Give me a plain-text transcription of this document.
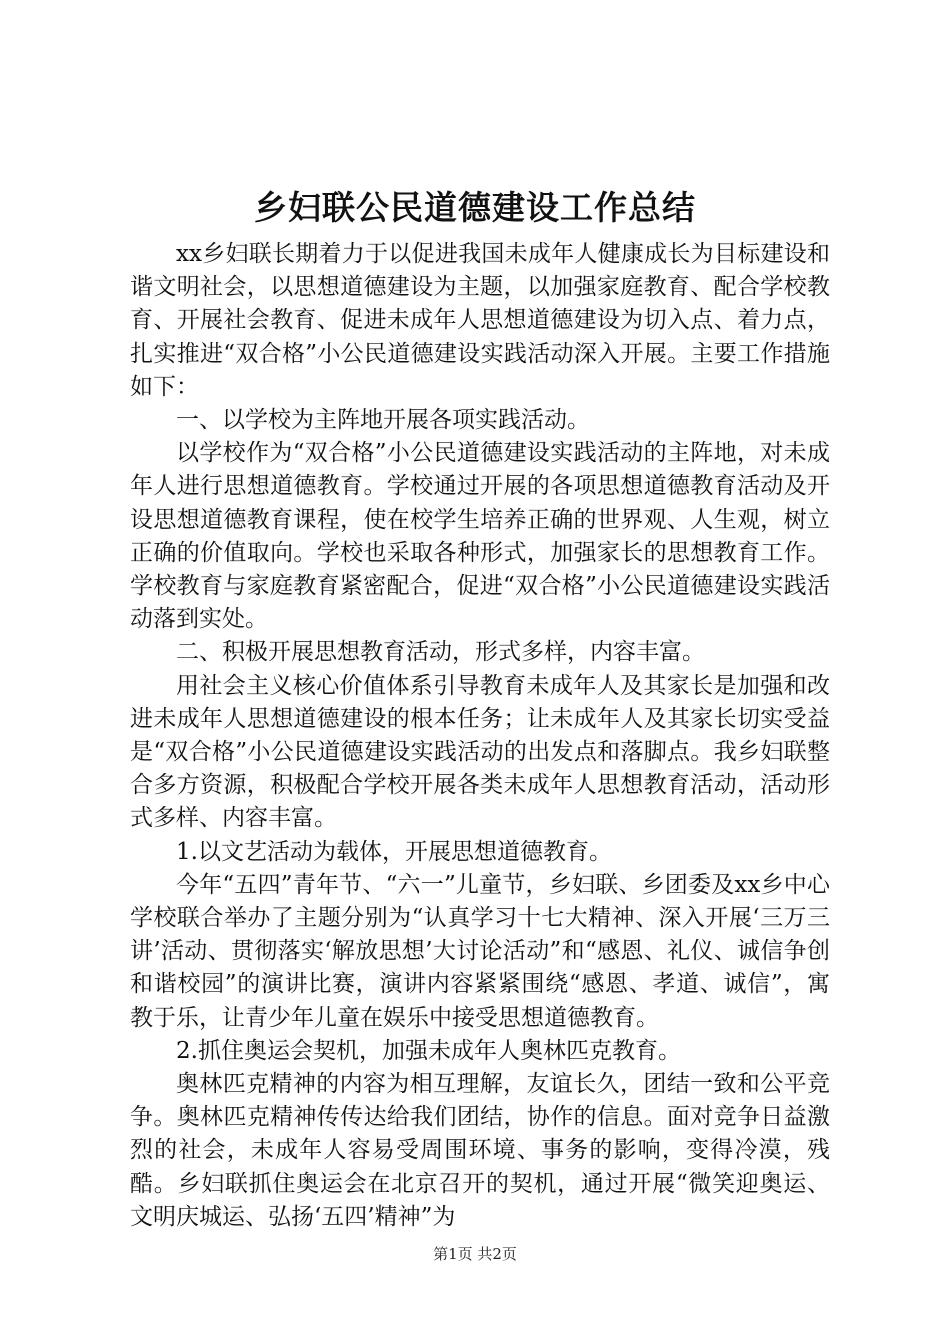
乡妇联公民道德建设工作总结

xx乡妇联长期着力于以促进我国未成年人健康成长为目标建设和谐文明社会，以思想道德建设为主题，以加强家庭教育、配合学校教育、开展社会教育、促进未成年人思想道德建设为切入点、着力点，扎实推进“双合格”小公民道德建设实践活动深入开展。主要工作措施如下：

一、以学校为主阵地开展各项实践活动。

以学校作为“双合格”小公民道德建设实践活动的主阵地，对未成年人进行思想道德教育。学校通过开展的各项思想道德教育活动及开设思想道德教育课程，使在校学生培养正确的世界观、人生观，树立正确的价值取向。学校也采取各种形式，加强家长的思想教育工作。学校教育与家庭教育紧密配合，促进“双合格”小公民道德建设实践活动落到实处。

二、积极开展思想教育活动，形式多样，内容丰富。

用社会主义核心价值体系引导教育未成年人及其家长是加强和改进未成年人思想道德建设的根本任务；让未成年人及其家长切实受益是“双合格”小公民道德建设实践活动的出发点和落脚点。我乡妇联整合多方资源，积极配合学校开展各类未成年人思想教育活动，活动形式多样、内容丰富。

1.以文艺活动为载体，开展思想道德教育。

今年“五四”青年节、“六一”儿童节，乡妇联、乡团委及xx乡中心学校联合举办了主题分别为“认真学习十七大精神、深入开展‘三万三讲’活动、贯彻落实‘解放思想’大讨论活动”和“感恩、礼仪、诚信争创和谐校园”的演讲比赛，演讲内容紧紧围绕“感恩、孝道、诚信”，寓教于乐，让青少年儿童在娱乐中接受思想道德教育。

2.抓住奥运会契机，加强未成年人奥林匹克教育。

奥林匹克精神的内容为相互理解，友谊长久，团结一致和公平竞争。奥林匹克精神传传达给我们团结，协作的信息。面对竞争日益激烈的社会，未成年人容易受周围环境、事务的影响，变得冷漠，残酷。乡妇联抓住奥运会在北京召开的契机，通过开展“微笑迎奥运、文明庆城运、弘扬‘五四’精神”为

第1页 共2页
